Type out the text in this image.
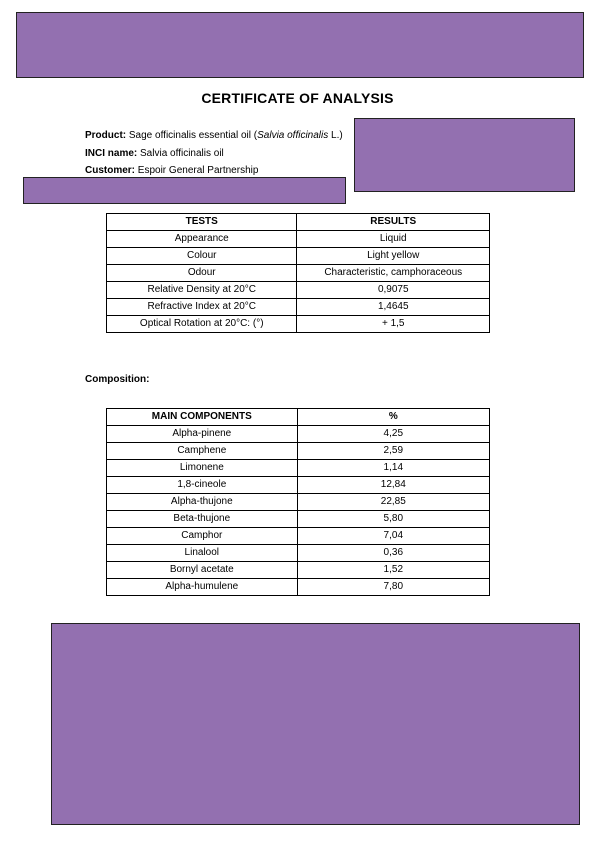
CERTIFICATE OF ANALYSIS
Product: Sage officinalis essential oil (Salvia officinalis L.)
INCI name: Salvia officinalis oil
Customer: Espoir General Partnership
TESTS	RESULTS
Appearance	Liquid
Colour	Light yellow
Odour	Characteristic, camphoraceous
Relative Density at 20°C	0,9075
Refractive Index at 20°C	1,4645
Optical Rotation at 20°C: (°)	+ 1,5
Composition:
MAIN COMPONENTS	%
Alpha-pinene	4,25
Camphene	2,59
Limonene	1,14
1,8-cineole	12,84
Alpha-thujone	22,85
Beta-thujone	5,80
Camphor	7,04
Linalool	0,36
Bornyl acetate	1,52
Alpha-humulene	7,80
